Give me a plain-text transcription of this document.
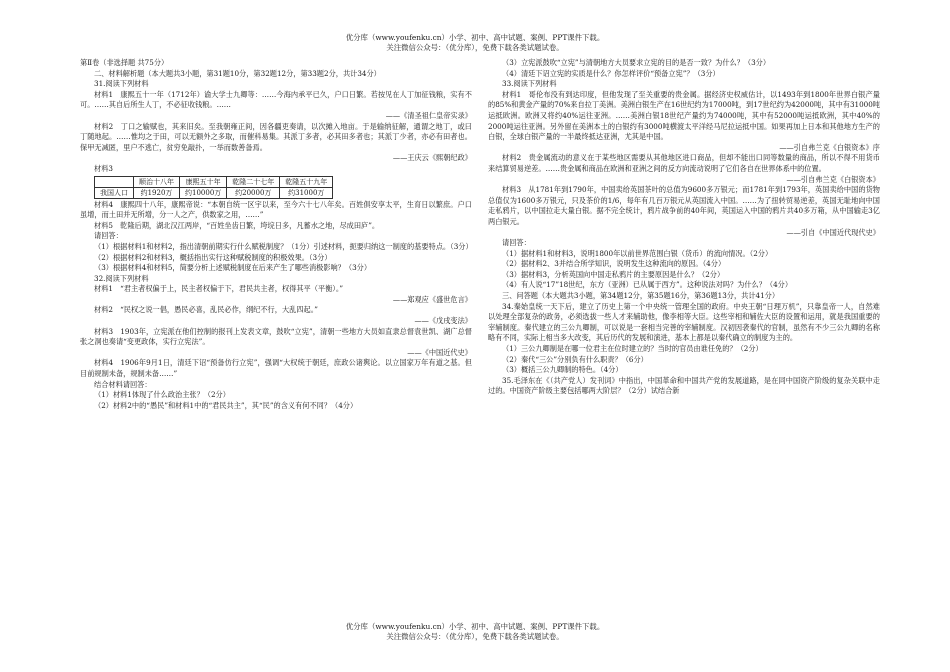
优分库（www.youfenku.cn）小学、初中、高中试题、案例、PPT课件下载。
关注微信公众号：（优分库），免费下载各类试题试卷。

第Ⅱ卷（非选择题 共75分）

二、材料解析题（本大题共3小题，第31题10分，第32题12分，第33题2分，共计34分）

31.阅读下列材料

材料1　康熙五十一年（1712年）谕大学士九卿等：……今海内承平已久，户口日繁。若按见在人丁加征钱粮，实有不可。……其自后所生人丁，不必征收钱粮。……

——《清圣祖仁皇帝实录》

材料2　丁口之输赋也，其来旧矣。至我朝雍正间，因各疆吏奏请，以次摊入地亩。于是输纳征解，通谓之地丁，或曰丁随地起。……惟均之于田，可以无额外之多取，而催科易集。其派丁多者，必其田多者也；其派丁少者，亦必有田者也。保甲无减匿，里户不逃亡，贫穷免敲扑，一举而数善备焉。

——王庆云《熙朝纪政》

材料3

	顺治十八年	康熙五十年	乾隆二十七年	乾隆五十九年
我国人口	约1920万	约10000万	约20000万	约31000万

材料4　康熙四十八年，康熙帝说：“本朝自统一区宇以来，至今六十七八年矣。百姓俱安享太平，生育日以繁庶。户口虽增，而土田并无所增，分一人之产，供数家之用，……”

材料5　乾隆后期，湖北汉江两岸，“百姓坐齿日繁，垮垸日多，凡蓄水之地，尽成田庐”。

请回答：

（1）根据材料1和材料2，指出清朝前期实行什么赋税制度？（1分）引述材料，扼要归纳这一制度的基要特点。（3分）

（2）根据材料2和材料3，概括指出实行这种赋税制度的积极效果。（3分）

（3）根据材料4和材料5，简要分析上述赋税制度在后来产生了哪些消极影响？（3分）

32.阅读下列材料

材料1　“君主者权偏于上，民主者权偏于下，君民共主者，权得其平（平衡）。”

——郑观应《盛世危言》

材料2　“民权之说一倡，愚民必喜，乱民必作，纲纪不行，大乱四起。”

——《戊戌变法》

材料3　1903年，立宪派在他们控制的报刊上发表文章，鼓吹“立宪”，清朝一些地方大员如直隶总督袁世凯、湖广总督张之洞也奏请“变更政体，实行立宪法”。

——《中国近代史》

材料4　1906年9月1日，清廷下诏“预备仿行立宪”，强调“大权统于朝廷，庶政公诸舆论。以立国家万年有道之基。但目前规制未备，规制未备……”

结合材料请回答：

（1）材料1体现了什么政治主张？（2分）

（2）材料2中的“愚民”和材料1中的“君民共主”，其“民”的含义有何不同？（4分）

（3）立宪派鼓吹“立宪”与清朝地方大员要求立宪的目的是否一致？为什么？（3分）

（4）清廷下诏立宪的实质是什么？你怎样评价“预备立宪”？（3分）

33.阅读下列材料

材料1　哥伦布没有到达印度，但他发现了至关重要的贵金属。据经济史权威估计，以1493年到1800年世界白银产量的85%和黄金产量的70%来自拉丁美洲。美洲白银生产在16世纪约为17000吨，到17世纪约为42000吨，其中有31000吨运抵欧洲。欧洲又将约40%运往亚洲。……美洲白银18世纪产量约为74000吨，其中有52000吨运抵欧洲，其中40%的2000吨运往亚洲。另外留在美洲本土的白银约有3000吨横渡太平洋经马尼拉运抵中国。如果再加上日本和其他地方生产的白银，全球白银产量的一半最终抵达亚洲，尤其是中国。

——引自弗兰克《白银资本》序

材料2　贵金属流动的意义在于某些地区需要从其他地区进口商品，但却不能出口同等数量的商品，所以不得不用货币来结算贸易逆差。……贵金属和商品在欧洲和亚洲之间的反方向流动说明了它们各自在世界体系中的位置。

——引自弗兰克《白银资本》

材料3　从1781年到1790年，中国卖给英国茶叶的总值为9600多万银元；而1781年到1793年，英国卖给中国的货物总值仅为1600多万银元，只及茶价的1/6，每年有几百万银元从英国流入中国。……为了扭转贸易逆差，英国无耻地向中国走私鸦片，以中国拉走大量白银。据不完全统计，鸦片战争前的40年间，英国运入中国的鸦片共40多万箱，从中国输走3亿两白银元。

——引自《中国近代现代史》

请回答：

（1）据材料1和材料3，说明1800年以前世界范围白银（货币）的流向情况。（2分）

（2）据材料2、3并结合所学知识，说明发生这种流向的原因。（4分）

（3）据材料3，分析英国向中国走私鸦片的主要原因是什么？（2分）

（4）有人说“17”18世纪，东方（亚洲）已从属于西方”。这种说法对吗？为什么？（4分）

三、问答题（本大题共3小题，第34题12分，第35题16分，第36题13分，共计41分）

34.秦始皇统一天下后，建立了历史上第一个中央统一管理全国的政府。中央王朝“日理万机”，只靠皇帝一人，自然难以处理全部复杂的政务，必须选拔一些人才来辅助他，像李相等大臣。这些宰相和辅佐大臣的设置和运用，就是我国重要的宰辅制度。秦代建立的三公九卿制，可以说是一套相当完善的宰辅制度。汉初因袭秦代的官制，虽然有不少三公九卿的名称略有不同，实际上相当多大改变，其后历代的发展和演进，基本上都是以秦代确立的制度为主的。

（1）三公九卿制是在哪一位君主在位时建立的？当时的官员由谁任免的？（2分）

（2）秦代“三公”分别负有什么职责？（6分）

（3）概括三公九卿制的特色。（4分）

35.毛泽东在《（共产党人）发刊词》中指出，中国革命和中国共产党的发展道路，是在同中国资产阶级的复杂关联中走过的。中国资产阶级主要包括哪两大阶层？（2分）试结合新

优分库（www.youfenku.cn）小学、初中、高中试题、案例、PPT课件下载。
关注微信公众号：（优分库），免费下载各类试题试卷。
